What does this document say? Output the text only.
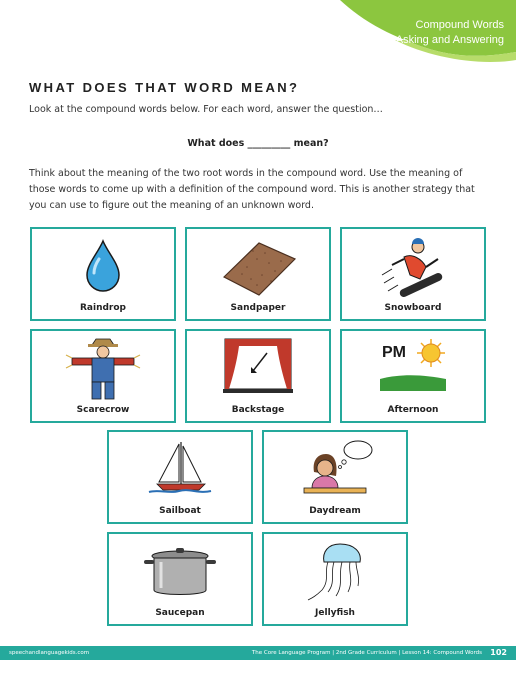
Compound Words
Asking and Answering
WHAT DOES THAT WORD MEAN?
Look at the compound words below. For each word, answer the question…
What does _________ mean?
Think about the meaning of the two root words in the compound word. Use the meaning of those words to come up with a definition of the compound word. This is another strategy that you can use to figure out the meaning of an unknown word.
Raindrop	Sandpaper	Snowboard
Scarecrow	Backstage
PM
Afternoon
Sailboat	Daydream
Saucepan	Jellyfish
speechandlanguagekids.com	The Core Language Program | 2nd Grade Curriculum | Lesson 14: Compound Words 102
